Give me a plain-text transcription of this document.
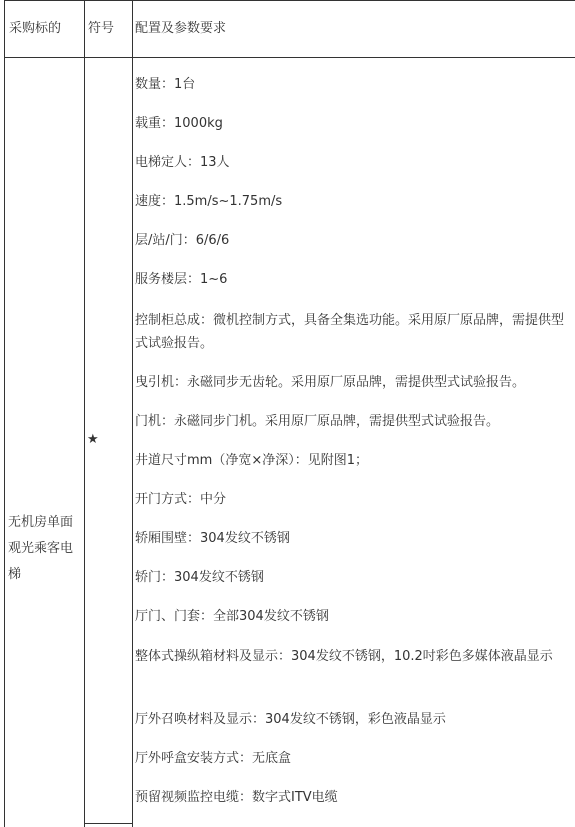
采购标的 符号 配置及参数要求
无机房单面观光乘客电梯
★
数量：1台
载重：1000kg
电梯定人：13人
速度：1.5m/s~1.75m/s
层/站/门：6/6/6
服务楼层：1~6
控制柜总成：微机控制方式，具备全集选功能。采用原厂原品牌，需提供型式试验报告。
曳引机：永磁同步无齿轮。采用原厂原品牌，需提供型式试验报告。
门机：永磁同步门机。采用原厂原品牌，需提供型式试验报告。
井道尺寸mm（净宽×净深）：见附图1；
开门方式：中分
轿厢围壁：304发纹不锈钢
轿门：304发纹不锈钢
厅门、门套：全部304发纹不锈钢
整体式操纵箱材料及显示：304发纹不锈钢，10.2吋彩色多媒体液晶显示
厅外召唤材料及显示：304发纹不锈钢，彩色液晶显示
厅外呼盒安装方式：无底盒
预留视频监控电缆：数字式ITV电缆
